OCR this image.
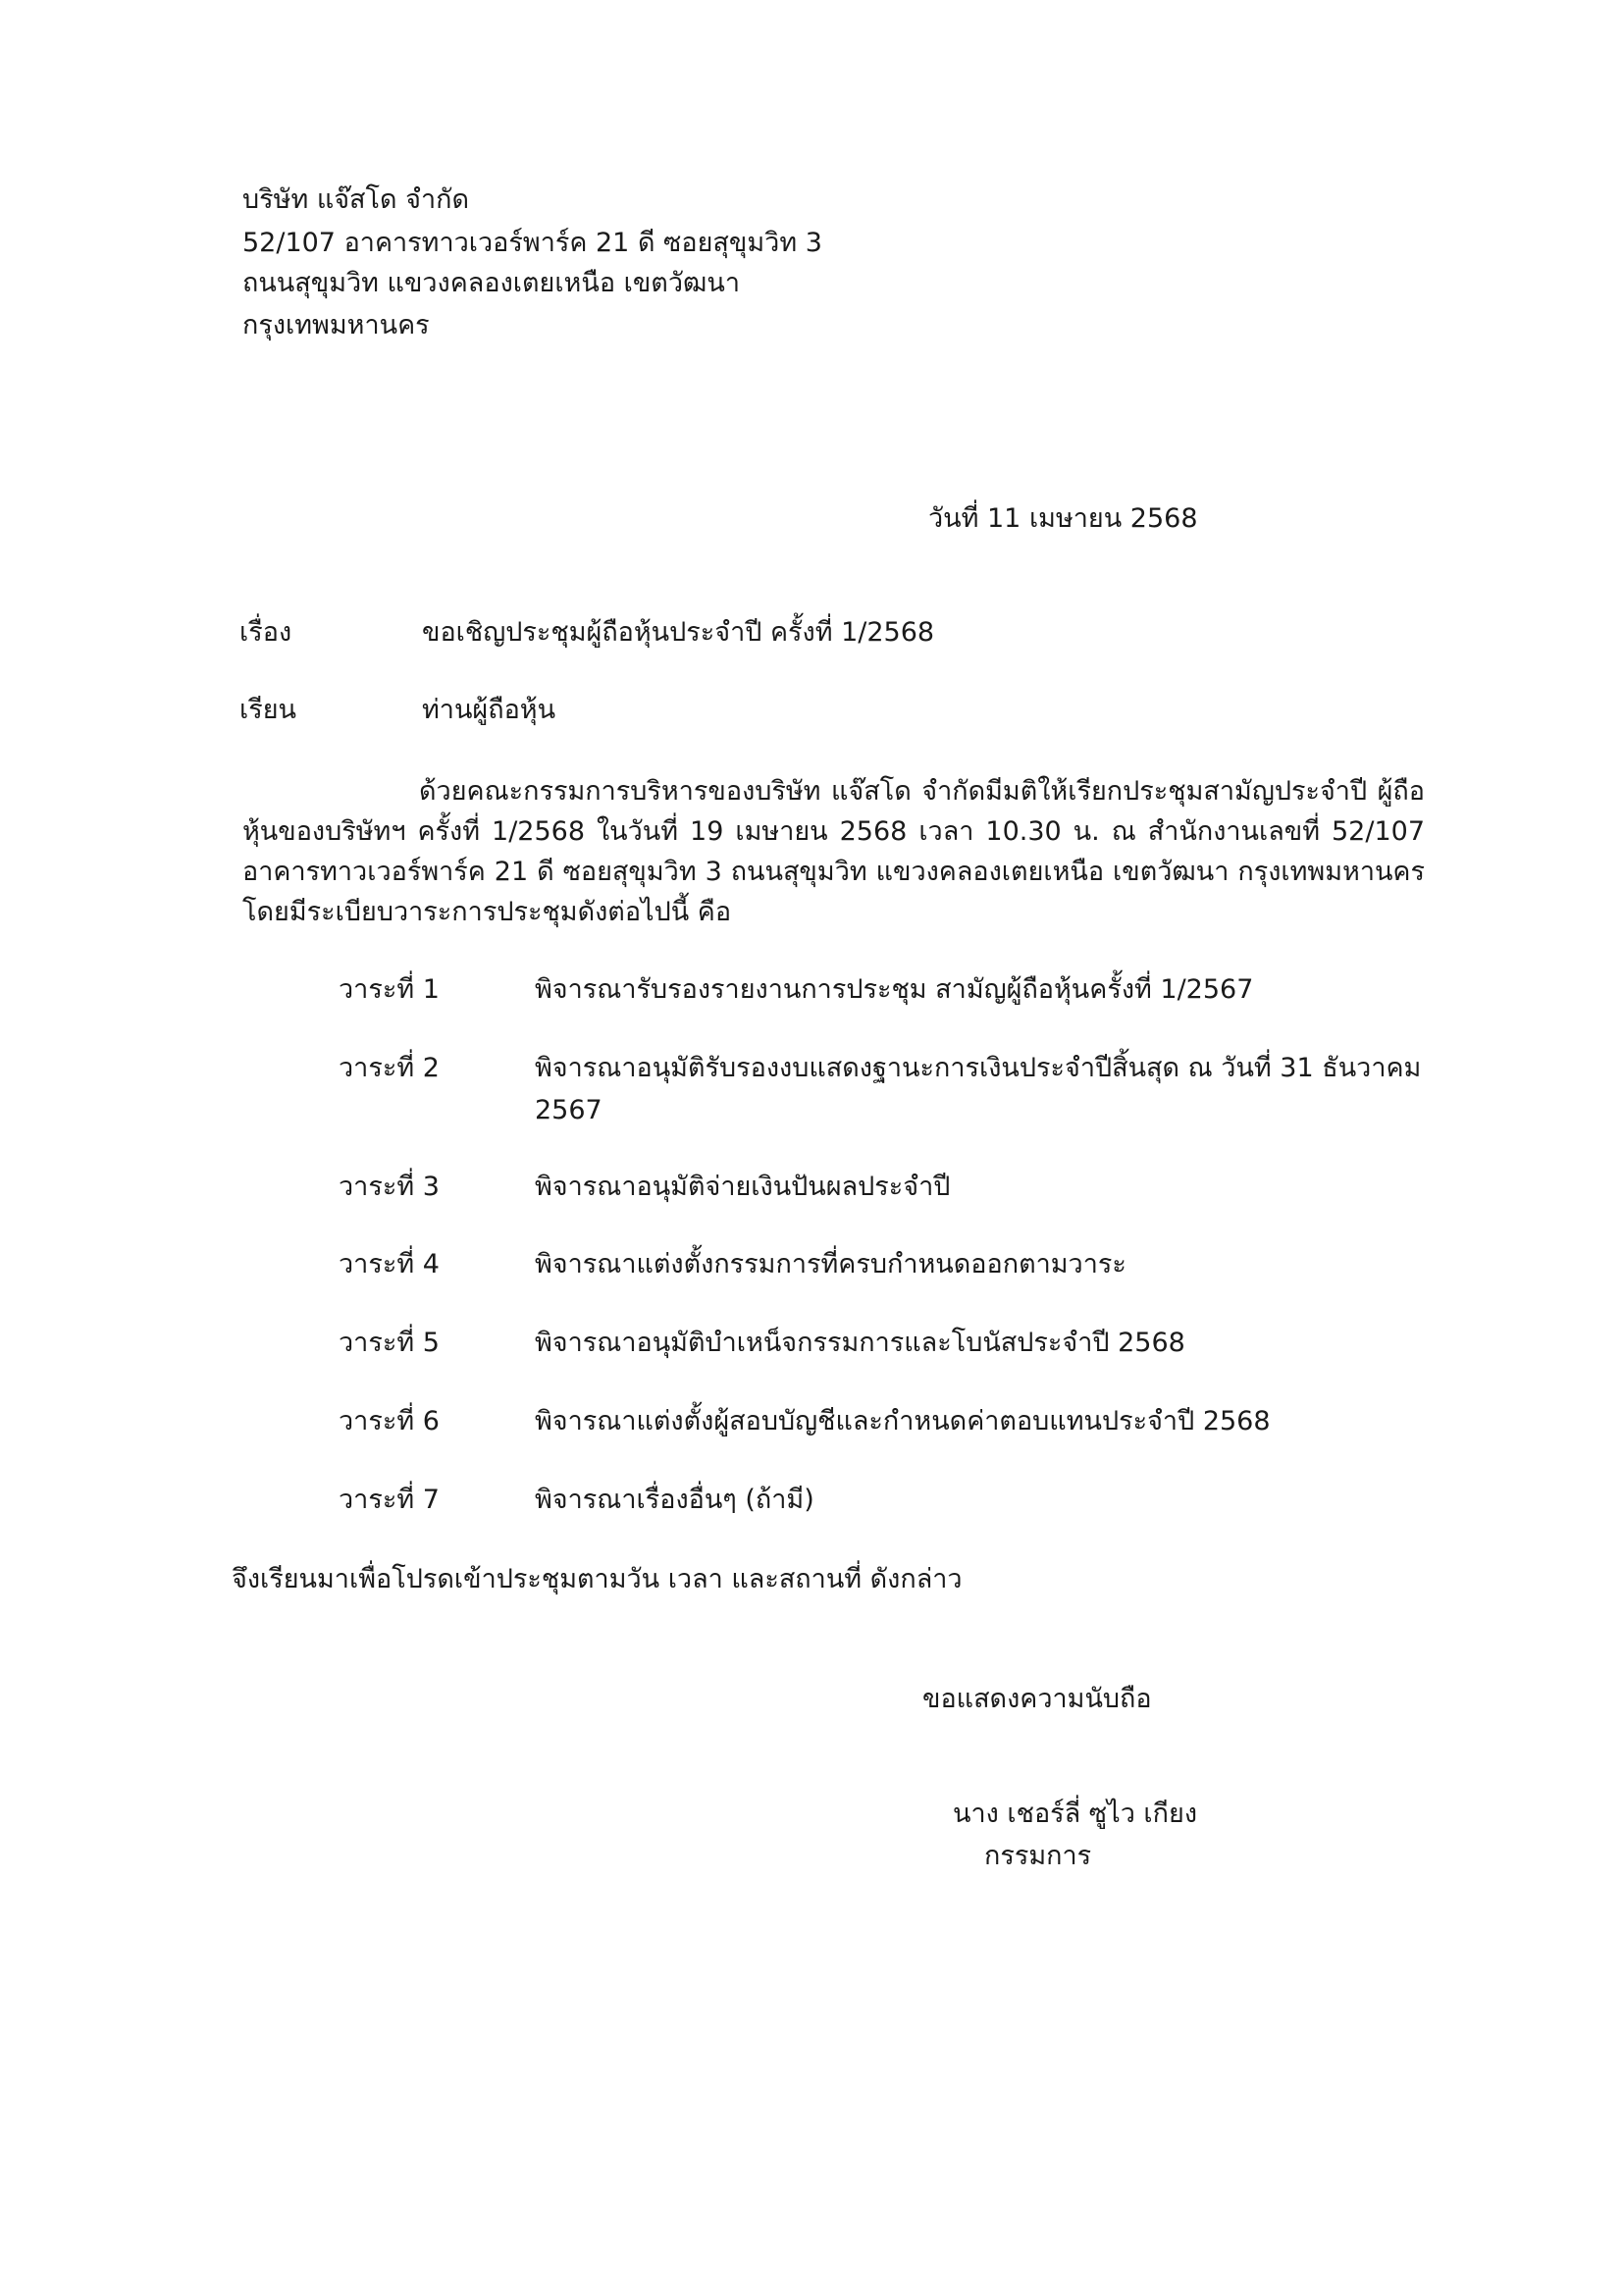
บริษัท แจ๊สโด จำกัด
52/107 อาคารทาวเวอร์พาร์ค 21 ดี ซอยสุขุมวิท 3
ถนนสุขุมวิท แขวงคลองเตยเหนือ เขตวัฒนา
กรุงเทพมหานคร
วันที่ 11 เมษายน 2568
เรื่อง	ขอเชิญประชุมผู้ถือหุ้นประจำปี ครั้งที่ 1/2568
เรียน	ท่านผู้ถือหุ้น
ด้วยคณะกรรมการบริหารของบริษัท แจ๊สโด จำกัดมีมติให้เรียกประชุมสามัญประจำปี ผู้ถือหุ้นของบริษัทฯ ครั้งที่ 1/2568 ในวันที่ 19 เมษายน 2568 เวลา 10.30 น. ณ สำนักงานเลขที่ 52/107 อาคารทาวเวอร์พาร์ค 21 ดี ซอยสุขุมวิท 3 ถนนสุขุมวิท แขวงคลองเตยเหนือ เขตวัฒนา กรุงเทพมหานคร โดยมีระเบียบวาระการประชุมดังต่อไปนี้ คือ
วาระที่ 1	พิจารณารับรองรายงานการประชุม สามัญผู้ถือหุ้นครั้งที่ 1/2567
วาระที่ 2	พิจารณาอนุมัติรับรองงบแสดงฐานะการเงินประจำปีสิ้นสุด ณ วันที่ 31 ธันวาคม
2567
วาระที่ 3	พิจารณาอนุมัติจ่ายเงินปันผลประจำปี
วาระที่ 4	พิจารณาแต่งตั้งกรรมการที่ครบกำหนดออกตามวาระ
วาระที่ 5	พิจารณาอนุมัติบำเหน็จกรรมการและโบนัสประจำปี 2568
วาระที่ 6	พิจารณาแต่งตั้งผู้สอบบัญชีและกำหนดค่าตอบแทนประจำปี 2568
วาระที่ 7	พิจารณาเรื่องอื่นๆ (ถ้ามี)
จึงเรียนมาเพื่อโปรดเข้าประชุมตามวัน เวลา และสถานที่ ดังกล่าว
ขอแสดงความนับถือ
นาง เชอร์ลี่ ซูไว เกียง
กรรมการ
